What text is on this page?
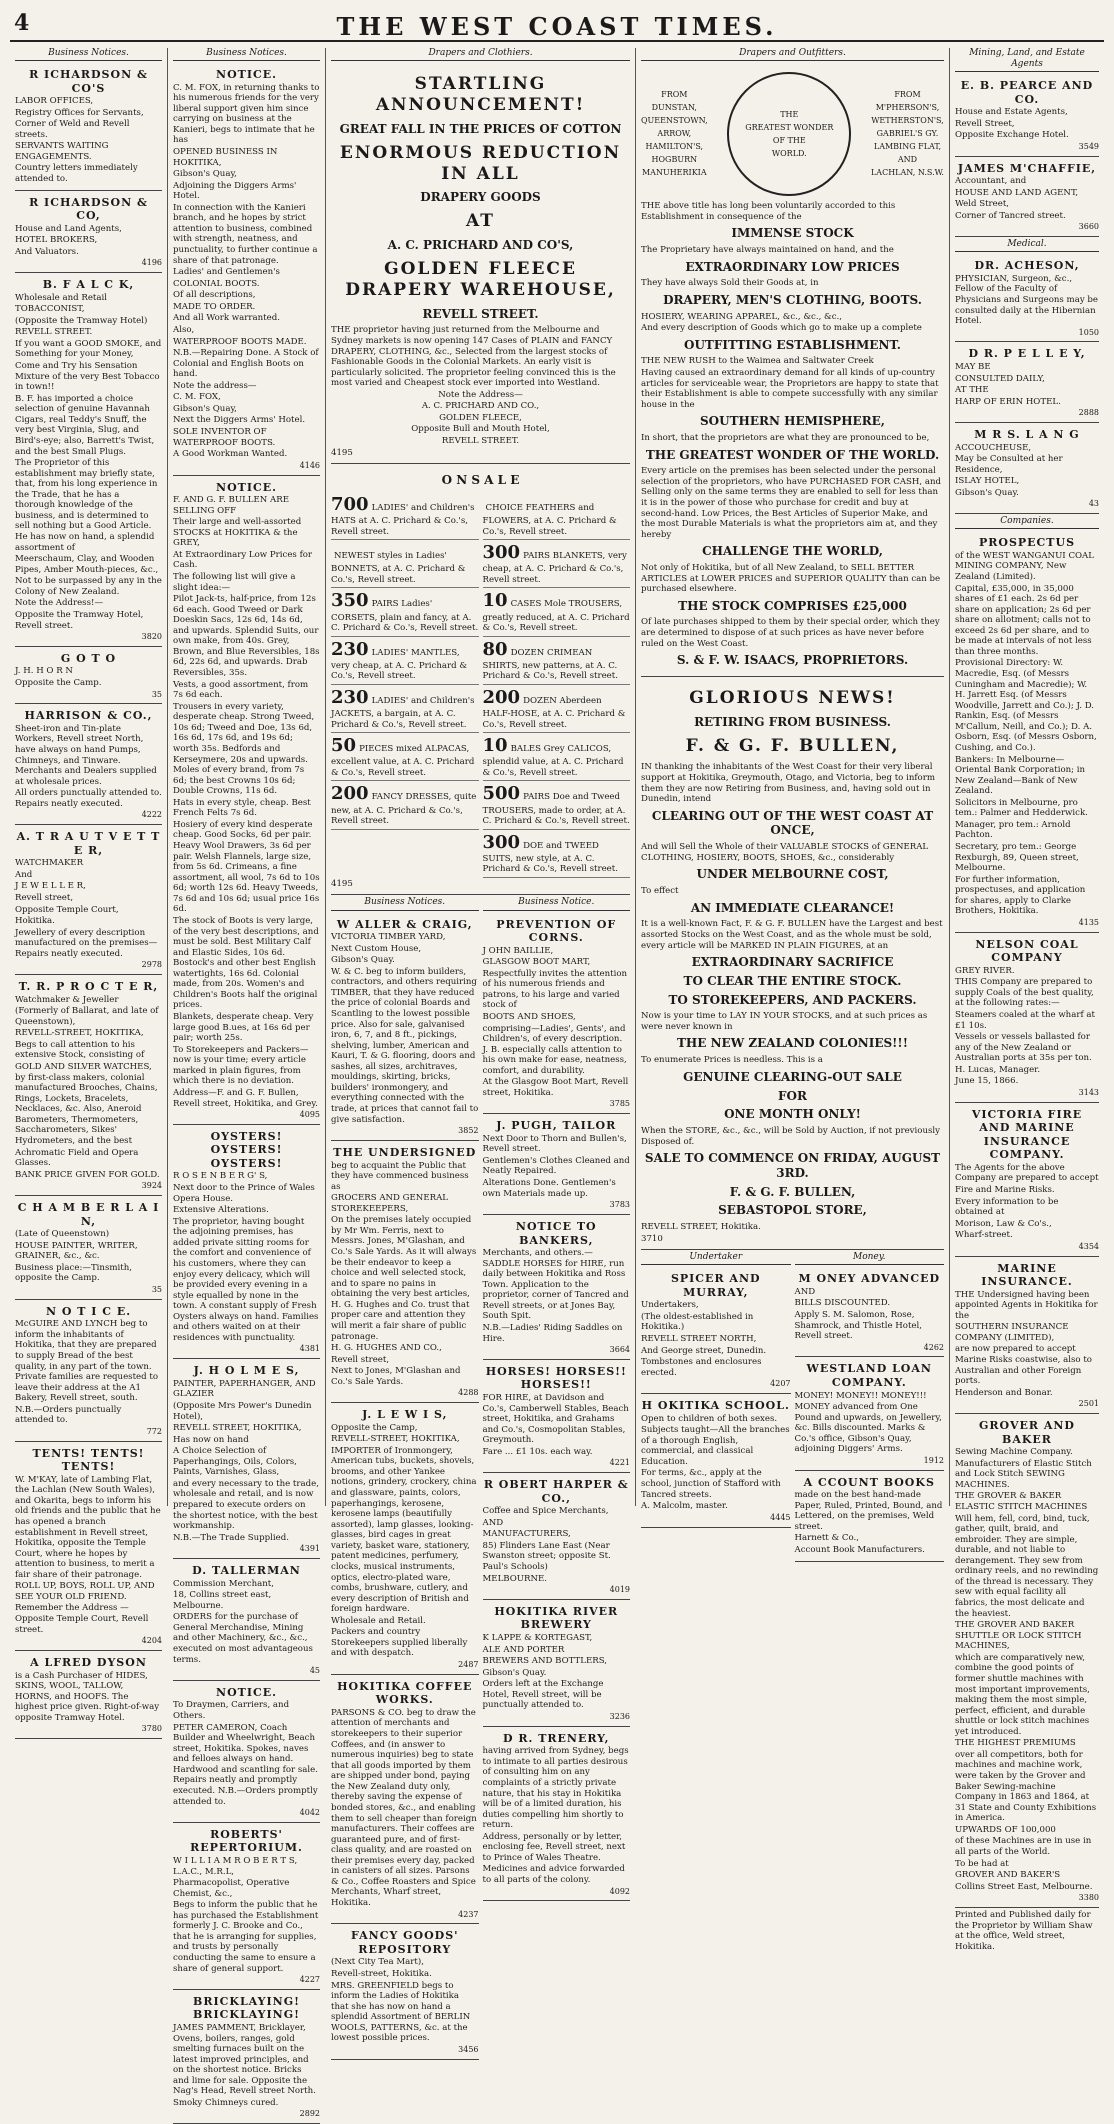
4	THE WEST COAST TIMES.
Business Notices.
R ICHARDSON & CO'S
LABOR OFFICES,
Registry Offices for Servants,
Corner of Weld and Revell streets.
SERVANTS WAITING ENGAGEMENTS.
Country letters immediately attended to.
R ICHARDSON & CO,
House and Land Agents,
HOTEL BROKERS,
And Valuators.
4196
B. F A L C K,
Wholesale and Retail
TOBACCONIST,
(Opposite the Tramway Hotel)
REVELL STREET.
If you want a GOOD SMOKE, and Something for your Money,
Come and Try his Sensation Mixture of the very Best Tobacco in town!!
B. F. has imported a choice selection of genuine Havannah Cigars, real Teddy's Snuff, the very best Virginia, Slug, and Bird's-eye; also, Barrett's Twist, and the best Small Plugs.
The Proprietor of this establishment may briefly state, that, from his long experience in the Trade, that he has a thorough knowledge of the business, and is determined to sell nothing but a Good Article. He has now on hand, a splendid assortment of
Meerschaum, Clay, and Wooden Pipes, Amber Mouth-pieces, &c.,
Not to be surpassed by any in the Colony of New Zealand.
Note the Address!—
Opposite the Tramway Hotel, Revell street.
3820
G O T O
J. H. H O R N
Opposite the Camp.
35
HARRISON & CO.,
Sheet-iron and Tin-plate Workers, Revell street North, have always on hand Pumps, Chimneys, and Tinware. Merchants and Dealers supplied at wholesale prices.
All orders punctually attended to. Repairs neatly executed.
4222
A. T R A U T V E T T E R,
WATCHMAKER
And
J E W E L L E R,
Revell street,
Opposite Temple Court,
Hokitika.
Jewellery of every description manufactured on the premises—Repairs neatly executed.
2978
T. R. P R O C T E R,
Watchmaker & Jeweller
(Formerly of Ballarat, and late of Queenstown),
REVELL-STREET, HOKITIKA,
Begs to call attention to his extensive Stock, consisting of
GOLD AND SILVER WATCHES, by first-class makers, colonial manufactured Brooches, Chains, Rings, Lockets, Bracelets, Necklaces, &c. Also, Aneroid Barometers, Thermometers, Saccharometers, Sikes' Hydrometers, and the best
Achromatic Field and Opera Glasses.
BANK PRICE GIVEN FOR GOLD.
3924
C H A M B E R L A I N,
(Late of Queenstown)
HOUSE PAINTER, WRITER, GRAINER, &c., &c.
Business place:—Tinsmith, opposite the Camp.
35
N O T I C E.
McGUIRE AND LYNCH beg to inform the inhabitants of Hokitika, that they are prepared to supply Bread of the best quality, in any part of the town. Private families are requested to leave their address at the A1 Bakery, Revell street, south.
N.B.—Orders punctually attended to.
772
TENTS! TENTS! TENTS!
W. M'KAY, late of Lambing Flat, the Lachlan (New South Wales), and Okarita, begs to inform his old friends and the public that he has opened a branch establishment in Revell street, Hokitika, opposite the Temple Court, where he hopes by attention to business, to merit a fair share of their patronage.
ROLL UP, BOYS, ROLL UP, AND SEE YOUR OLD FRIEND.
Remember the Address — Opposite Temple Court, Revell street.
4204
A LFRED DYSON
is a Cash Purchaser of HIDES, SKINS, WOOL, TALLOW, HORNS, and HOOFS. The highest price given. Right-of-way opposite Tramway Hotel.
3780
Business Notices.
NOTICE.
C. M. FOX, in returning thanks to his numerous friends for the very liberal support given him since carrying on business at the Kanieri, begs to intimate that he has
OPENED BUSINESS IN HOKITIKA,
Gibson's Quay,
Adjoining the Diggers Arms' Hotel.
In connection with the Kanieri branch, and he hopes by strict attention to business, combined with strength, neatness, and punctuality, to further continue a share of that patronage.
Ladies' and Gentlemen's
COLONIAL BOOTS.
Of all descriptions,
MADE TO ORDER.
And all Work warranted.
Also,
WATERPROOF BOOTS MADE.
N.B.—Repairing Done. A Stock of Colonial and English Boots on hand.
Note the address—
C. M. FOX,
Gibson's Quay,
Next the Diggers Arms' Hotel.
SOLE INVENTOR OF WATERPROOF BOOTS.
A Good Workman Wanted.
4146
NOTICE.
F. AND G. F. BULLEN ARE SELLING OFF
Their large and well-assorted STOCKS at HOKITIKA & the GREY,
At Extraordinary Low Prices for Cash.
The following list will give a slight idea:—
Pilot Jack-ts, half-price, from 12s 6d each. Good Tweed or Dark Doeskin Sacs, 12s 6d, 14s 6d, and upwards. Splendid Suits, our own make, from 40s. Grey, Brown, and Blue Reversibles, 18s 6d, 22s 6d, and upwards. Drab Reversibles, 35s.
Vests, a good assortment, from 7s 6d each.
Trousers in every variety, desperate cheap. Strong Tweed, 10s 6d; Tweed and Doe, 13s 6d, 16s 6d, 17s 6d, and 19s 6d; worth 35s. Bedfords and Kerseymere, 20s and upwards. Moles of every brand, from 7s 6d; the best Crowns 10s 6d; Double Crowns, 11s 6d.
Hats in every style, cheap. Best French Felts 7s 6d.
Hosiery of every kind desperate cheap. Good Socks, 6d per pair. Heavy Wool Drawers, 3s 6d per pair. Welsh Flannels, large size, from 5s 6d. Crimeans, a fine assortment, all wool, 7s 6d to 10s 6d; worth 12s 6d. Heavy Tweeds, 7s 6d and 10s 6d; usual price 16s 6d.
The stock of Boots is very large, of the very best descriptions, and must be sold. Best Military Calf and Elastic Sides, 10s 6d. Bostock's and other best English watertights, 16s 6d. Colonial made, from 20s. Women's and Children's Boots half the original prices.
Blankets, desperate cheap. Very large good B.ues, at 16s 6d per pair; worth 25s.
To Storekeepers and Packers—now is your time; every article marked in plain figures, from which there is no deviation.
Address—F. and G. F. Bullen, Revell street, Hokitika, and Grey.
4095
OYSTERS! OYSTERS! OYSTERS!
R O S E N B E R G' S,
Next door to the Prince of Wales Opera House.
Extensive Alterations.
The proprietor, having bought the adjoining premises, has added private sitting rooms for the comfort and convenience of his customers, where they can enjoy every delicacy, which will be provided every evening in a style equalled by none in the town. A constant supply of Fresh Oysters always on hand. Families and others waited on at their residences with punctuality.
4381
J. H O L M E S,
PAINTER, PAPERHANGER, AND GLAZIER
(Opposite Mrs Power's Dunedin Hotel),
REVELL STREET, HOKITIKA,
Has now on hand
A Choice Selection of Paperhangings, Oils, Colors, Paints, Varnishes, Glass,
and every necessary to the trade, wholesale and retail, and is now prepared to execute orders on the shortest notice, with the best workmanship.
N.B.—The Trade Supplied.
4391
D. TALLERMAN
Commission Merchant,
18, Collins street east, Melbourne.
ORDERS for the purchase of General Merchandise, Mining and other Machinery, &c., &c., executed on most advantageous terms.
45
NOTICE.
To Draymen, Carriers, and Others.
PETER CAMERON, Coach Builder and Wheelwright, Beach street, Hokitika. Spokes, naves and felloes always on hand. Hardwood and scantling for sale. Repairs neatly and promptly executed. N.B.—Orders promptly attended to.
4042
ROBERTS' REPERTORIUM.
W I L L I A M R O B E R T S, L.A.C., M.R.L,
Pharmacopolist, Operative Chemist, &c.,
Begs to inform the public that he has purchased the Establishment formerly J. C. Brooke and Co., that he is arranging for supplies, and trusts by personally conducting the same to ensure a share of general support.
4227
BRICKLAYING! BRICKLAYING!
JAMES PAMMENT, Bricklayer, Ovens, boilers, ranges, gold smelting furnaces built on the latest improved principles, and on the shortest notice. Bricks and lime for sale. Opposite the Nag's Head, Revell street North.
Smoky Chimneys cured.
2892
Drapers and Clothiers.
STARTLING ANNOUNCEMENT!
GREAT FALL IN THE PRICES OF COTTON
ENORMOUS REDUCTION IN ALL
DRAPERY GOODS
AT
A. C. PRICHARD AND CO'S,
GOLDEN FLEECE DRAPERY WAREHOUSE,
REVELL STREET.
THE proprietor having just returned from the Melbourne and Sydney markets is now opening 147 Cases of PLAIN and FANCY DRAPERY, CLOTHING, &c., Selected from the largest stocks of Fashionable Goods in the Colonial Markets. An early visit is particularly solicited. The proprietor feeling convinced this is the most varied and Cheapest stock ever imported into Westland.
Note the Address—
A. C. PRICHARD AND CO.,
GOLDEN FLEECE,
Opposite Bull and Mouth Hotel,
REVELL STREET.
4195
O N S A L E
700 LADIES' and Children's HATS at A. C. Prichard & Co.'s, Revell street.
NEWEST styles in Ladies' BONNETS, at A. C. Prichard & Co.'s, Revell street.
350 PAIRS Ladies' CORSETS, plain and fancy, at A. C. Prichard & Co.'s, Revell street.
230 LADIES' MANTLES, very cheap, at A. C. Prichard & Co.'s, Revell street.
230 LADIES' and Children's JACKETS, a bargain, at A. C. Prichard & Co.'s, Revell street.
50 PIECES mixed ALPACAS, excellent value, at A. C. Prichard & Co.'s, Revell street.
200 FANCY DRESSES, quite new, at A. C. Prichard & Co.'s, Revell street.
CHOICE FEATHERS and FLOWERS, at A. C. Prichard & Co.'s, Revell street.
300 PAIRS BLANKETS, very cheap, at A. C. Prichard & Co.'s, Revell street.
10 CASES Mole TROUSERS, greatly reduced, at A. C. Prichard & Co.'s, Revell street.
80 DOZEN CRIMEAN SHIRTS, new patterns, at A. C. Prichard & Co.'s, Revell street.
200 DOZEN Aberdeen HALF-HOSE, at A. C. Prichard & Co.'s, Revell street.
10 BALES Grey CALICOS, splendid value, at A. C. Prichard & Co.'s, Revell street.
500 PAIRS Doe and Tweed TROUSERS, made to order, at A. C. Prichard & Co.'s, Revell street.
300 DOE and TWEED SUITS, new style, at A. C. Prichard & Co.'s, Revell street.
4195
Business Notices.
W ALLER & CRAIG,
VICTORIA TIMBER YARD,
Next Custom House,
Gibson's Quay.
W. & C. beg to inform builders, contractors, and others requiring TIMBER, that they have reduced the price of colonial Boards and Scantling to the lowest possible price. Also for sale, galvanised iron, 6, 7, and 8 ft., pickings, shelving, lumber, American and Kauri, T. & G. flooring, doors and sashes, all sizes, architraves, mouldings, skirting, bricks, builders' ironmongery, and everything connected with the trade, at prices that cannot fail to give satisfaction.
3852
THE UNDERSIGNED
beg to acquaint the Public that they have commenced business as
GROCERS AND GENERAL STOREKEEPERS,
On the premises lately occupied by Mr Wm. Ferris, next to Messrs. Jones, M'Glashan, and Co.'s Sale Yards. As it will always be their endeavor to keep a choice and well selected stock, and to spare no pains in obtaining the very best articles, H. G. Hughes and Co. trust that proper care and attention they will merit a fair share of public patronage.
H. G. HUGHES AND CO.,
Revell street,
Next to Jones, M'Glashan and Co.'s Sale Yards.
4288
J. L E W I S,
Opposite the Camp,
REVELL-STREET, HOKITIKA,
IMPORTER of Ironmongery, American tubs, buckets, shovels, brooms, and other Yankee notions, grindery, crockery, china and glassware, paints, colors, paperhangings, kerosene, kerosene lamps (beautifully assorted), lamp glasses, looking-glasses, bird cages in great variety, basket ware, stationery, patent medicines, perfumery, clocks, musical instruments, optics, electro-plated ware, combs, brushware, cutlery, and every description of British and foreign hardware.
Wholesale and Retail.
Packers and country Storekeepers supplied liberally and with despatch.
2487
HOKITIKA COFFEE WORKS.
PARSONS & CO. beg to draw the attention of merchants and storekeepers to their superior Coffees, and (in answer to numerous inquiries) beg to state that all goods imported by them are shipped under bond, paying the New Zealand duty only, thereby saving the expense of bonded stores, &c., and enabling them to sell cheaper than foreign manufacturers. Their coffees are guaranteed pure, and of first-class quality, and are roasted on their premises every day, packed in canisters of all sizes. Parsons & Co., Coffee Roasters and Spice Merchants, Wharf street, Hokitika.
4237
FANCY GOODS' REPOSITORY
(Next City Tea Mart),
Revell-street, Hokitika.
MRS. GREENFIELD begs to inform the Ladies of Hokitika that she has now on hand a splendid Assortment of BERLIN WOOLS, PATTERNS, &c. at the lowest possible prices.
3456
Business Notice.
PREVENTION OF CORNS.
J OHN BAILLIE,
GLASGOW BOOT MART,
Respectfully invites the attention of his numerous friends and patrons, to his large and varied stock of
BOOTS AND SHOES,
comprising—Ladies', Gents', and Children's, of every description. J. B. especially calls attention to his own make for ease, neatness, comfort, and durability.
At the Glasgow Boot Mart, Revell street, Hokitika.
3785
J. PUGH, TAILOR
Next Door to Thorn and Bullen's, Revell street.
Gentlemen's Clothes Cleaned and Neatly Repaired.
Alterations Done. Gentlemen's own Materials made up.
3783
NOTICE TO BANKERS,
Merchants, and others.—SADDLE HORSES for HIRE, run daily between Hokitika and Ross Town. Application to the proprietor, corner of Tancred and Revell streets, or at Jones Bay, South Spit.
N.B.—Ladies' Riding Saddles on Hire.
3664
HORSES! HORSES!! HORSES!!
FOR HIRE, at Davidson and Co.'s, Camberwell Stables, Beach street, Hokitika, and Grahams and Co.'s, Cosmopolitan Stables, Greymouth.
Fare ... £1 10s. each way.
4221
R OBERT HARPER & CO.,
Coffee and Spice Merchants,
AND
MANUFACTURERS,
85) Flinders Lane East (Near Swanston street; opposite St. Paul's Schools)
MELBOURNE.
4019
HOKITIKA RIVER BREWERY
K LAPPE & KORTEGAST,
ALE AND PORTER
BREWERS AND BOTTLERS,
Gibson's Quay.
Orders left at the Exchange Hotel, Revell street, will be punctually attended to.
3236
D R. TRENERY,
having arrived from Sydney, begs to intimate to all parties desirous of consulting him on any complaints of a strictly private nature, that his stay in Hokitika will be of a limited duration, his duties compelling him shortly to return.
Address, personally or by letter, enclosing fee, Revell street, next to Prince of Wales Theatre.
Medicines and advice forwarded to all parts of the colony.
4092
Drapers and Outfitters.
FROM
DUNSTAN,
QUEENSTOWN,
ARROW,
HAMILTON'S,
HOGBURN
MANUHERIKIA
THE
GREATEST WONDER
OF THE
WORLD.
FROM
M'PHERSON'S,
WETHERSTON'S,
GABRIEL'S GY.
LAMBING FLAT,
AND
LACHLAN, N.S.W.
THE above title has long been voluntarily accorded to this Establishment in consequence of the
IMMENSE STOCK
The Proprietary have always maintained on hand, and the
EXTRAORDINARY LOW PRICES
They have always Sold their Goods at, in
DRAPERY, MEN'S CLOTHING, BOOTS.
HOSIERY, WEARING APPAREL, &c., &c., &c.,
And every description of Goods which go to make up a complete
OUTFITTING ESTABLISHMENT.
THE NEW RUSH to the Waimea and Saltwater Creek
Having caused an extraordinary demand for all kinds of up-country articles for serviceable wear, the Proprietors are happy to state that their Establishment is able to compete successfully with any similar house in the
SOUTHERN HEMISPHERE,
In short, that the proprietors are what they are pronounced to be,
THE GREATEST WONDER OF THE WORLD.
Every article on the premises has been selected under the personal selection of the proprietors, who have PURCHASED FOR CASH, and Selling only on the same terms they are enabled to sell for less than it is in the power of those who purchase for credit and buy at second-hand. Low Prices, the Best Articles of Superior Make, and the most Durable Materials is what the proprietors aim at, and they hereby
CHALLENGE THE WORLD,
Not only of Hokitika, but of all New Zealand, to SELL BETTER ARTICLES at LOWER PRICES and SUPERIOR QUALITY than can be purchased elsewhere.
THE STOCK COMPRISES £25,000
Of late purchases shipped to them by their special order, which they are determined to dispose of at such prices as have never before ruled on the West Coast.
S. & F. W. ISAACS, PROPRIETORS.
GLORIOUS NEWS!
RETIRING FROM BUSINESS.
F. & G. F. BULLEN,
IN thanking the inhabitants of the West Coast for their very liberal support at Hokitika, Greymouth, Otago, and Victoria, beg to inform them they are now Retiring from Business, and, having sold out in Dunedin, intend
CLEARING OUT OF THE WEST COAST AT ONCE,
And will Sell the Whole of their VALUABLE STOCKS of GENERAL CLOTHING, HOSIERY, BOOTS, SHOES, &c., considerably
UNDER MELBOURNE COST,
To effect
AN IMMEDIATE CLEARANCE!
It is a well-known Fact, F. & G. F. BULLEN have the Largest and best assorted Stocks on the West Coast, and as the whole must be sold, every article will be MARKED IN PLAIN FIGURES, at an
EXTRAORDINARY SACRIFICE
TO CLEAR THE ENTIRE STOCK.
TO STOREKEEPERS, AND PACKERS.
Now is your time to LAY IN YOUR STOCKS, and at such prices as were never known in
THE NEW ZEALAND COLONIES!!!
To enumerate Prices is needless. This is a
GENUINE CLEARING-OUT SALE
FOR
ONE MONTH ONLY!
When the STORE, &c., &c., will be Sold by Auction, if not previously Disposed of.
SALE TO COMMENCE ON FRIDAY, AUGUST 3RD.
F. & G. F. BULLEN,
SEBASTOPOL STORE,
REVELL STREET, Hokitika.
3710
Undertaker
SPICER AND MURRAY,
Undertakers,
(The oldest-established in Hokitika.)
REVELL STREET NORTH,
And George street, Dunedin.
Tombstones and enclosures erected.
4207
H OKITIKA SCHOOL.
Open to children of both sexes.
Subjects taught—All the branches of a thorough English, commercial, and classical Education.
For terms, &c., apply at the school, junction of Stafford with Tancred streets.
A. Malcolm, master.
4445
Money.
M ONEY ADVANCED
AND
BILLS DISCOUNTED.
Apply S. M. Salomon, Rose, Shamrock, and Thistle Hotel, Revell street.
4262
WESTLAND LOAN COMPANY.
MONEY! MONEY!! MONEY!!!
MONEY advanced from One Pound and upwards, on Jewellery, &c. Bills discounted. Marks & Co.'s office, Gibson's Quay, adjoining Diggers' Arms.
1912
A CCOUNT BOOKS
made on the best hand-made Paper, Ruled, Printed, Bound, and Lettered, on the premises, Weld street.
Harnett & Co.,
Account Book Manufacturers.
Mining, Land, and Estate Agents
E. B. PEARCE AND CO.
House and Estate Agents,
Revell Street,
Opposite Exchange Hotel.
3549
JAMES M'CHAFFIE,
Accountant, and
HOUSE AND LAND AGENT,
Weld Street,
Corner of Tancred street.
3660
Medical.
DR. ACHESON,
PHYSICIAN, Surgeon, &c., Fellow of the Faculty of Physicians and Surgeons may be consulted daily at the Hibernian Hotel.
1050
D R. P E L L E Y,
MAY BE
CONSULTED DAILY,
AT THE
HARP OF ERIN HOTEL.
2888
M R S. L A N G
ACCOUCHEUSE,
May be Consulted at her Residence,
ISLAY HOTEL,
Gibson's Quay.
43
Companies.
PROSPECTUS
of the WEST WANGANUI COAL MINING COMPANY, New Zealand (Limited).
Capital, £35,000, in 35,000 shares of £1 each. 2s 6d per share on application; 2s 6d per share on allotment; calls not to exceed 2s 6d per share, and to be made at intervals of not less than three months.
Provisional Directory: W. Macredie, Esq. (of Messrs Cuningham and Macredie); W. H. Jarrett Esq. (of Messrs Woodville, Jarrett and Co.); J. D. Rankin, Esq. (of Messrs M'Callum, Neill, and Co.); D. A. Osborn, Esq. (of Messrs Osborn, Cushing, and Co.).
Bankers: In Melbourne—Oriental Bank Corporation; in New Zealand—Bank of New Zealand.
Solicitors in Melbourne, pro tem.: Palmer and Hedderwick.
Manager, pro tem.: Arnold Pachton.
Secretary, pro tem.: George Rexburgh, 89, Queen street, Melbourne.
For further information, prospectuses, and application for shares, apply to Clarke Brothers, Hokitika.
4135
NELSON COAL COMPANY
GREY RIVER.
THIS Company are prepared to supply Coals of the best quality, at the following rates:—
Steamers coaled at the wharf at £1 10s.
Vessels or vessels ballasted for any of the New Zealand or Australian ports at 35s per ton.
H. Lucas, Manager.
June 15, 1866.
3143
VICTORIA FIRE AND MARINE INSURANCE COMPANY.
The Agents for the above Company are prepared to accept
Fire and Marine Risks.
Every information to be obtained at
Morison, Law & Co's.,
Wharf-street.
4354
MARINE INSURANCE.
THE Undersigned having been appointed Agents in Hokitika for the
SOUTHERN INSURANCE COMPANY (LIMITED),
are now prepared to accept Marine Risks coastwise, also to Australian and other Foreign ports.
Henderson and Bonar.
2501
GROVER AND BAKER
Sewing Machine Company.
Manufacturers of Elastic Stitch and Lock Stitch SEWING MACHINES.
THE GROVER & BAKER ELASTIC STITCH MACHINES
Will hem, fell, cord, bind, tuck, gather, quilt, braid, and embroider. They are simple, durable, and not liable to derangement. They sew from ordinary reels, and no rewinding of the thread is necessary. They sew with equal facility all fabrics, the most delicate and the heaviest.
THE GROVER AND BAKER SHUTTLE OR LOCK STITCH MACHINES,
which are comparatively new, combine the good points of former shuttle machines with most important improvements, making them the most simple, perfect, efficient, and durable shuttle or lock stitch machines yet introduced.
THE HIGHEST PREMIUMS
over all competitors, both for machines and machine work, were taken by the Grover and Baker Sewing-machine Company in 1863 and 1864, at 31 State and County Exhibitions in America.
UPWARDS OF 100,000
of these Machines are in use in all parts of the World.
To be had at
GROVER AND BAKER'S
Collins Street East, Melbourne.
3380
Printed and Published daily for the Proprietor by William Shaw at the office, Weld street, Hokitika.
